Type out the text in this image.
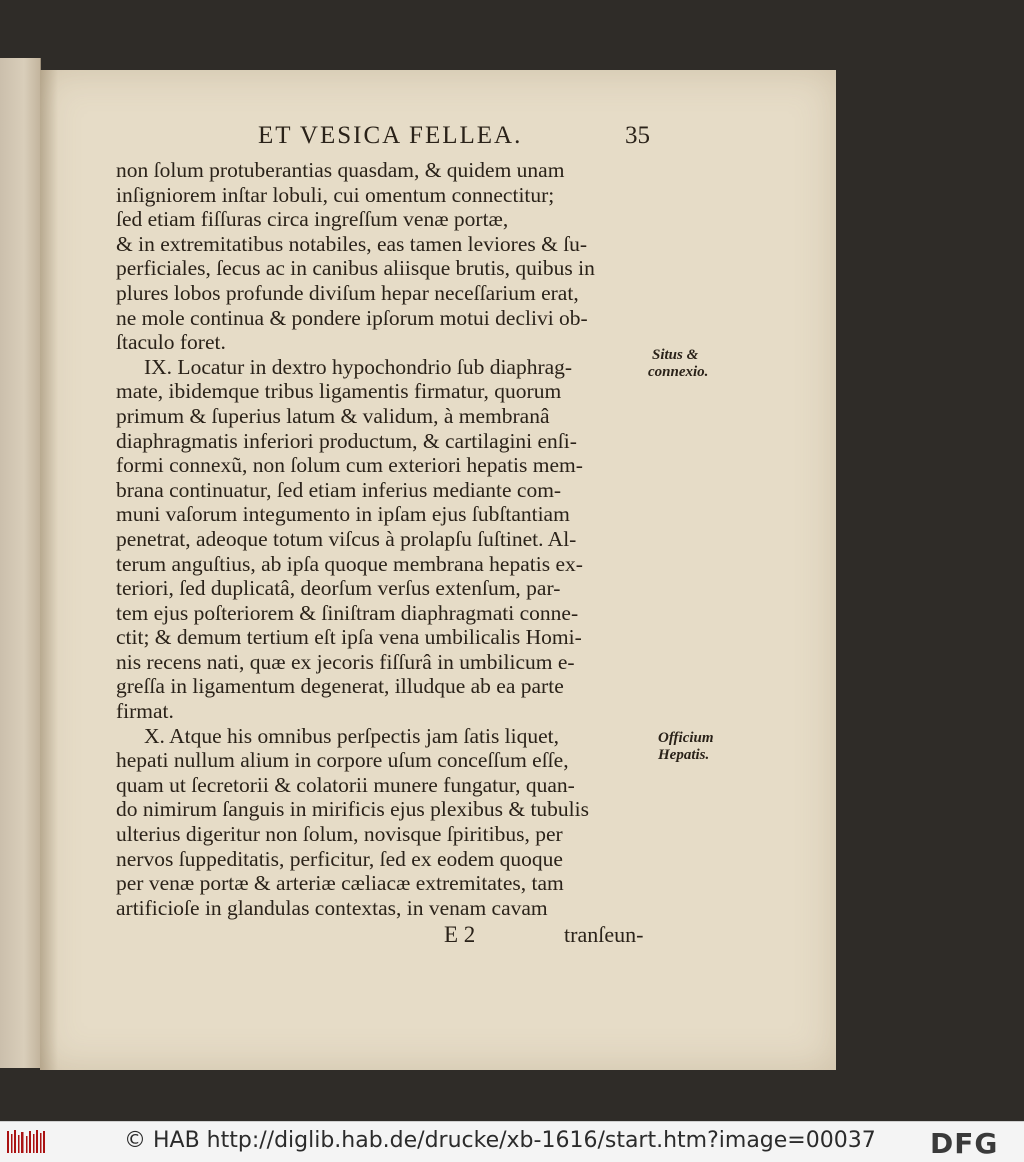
ET VESICA FELLEA.	35
non ſolum protuberantias quasdam, & quidem unam
inſigniorem inſtar lobuli, cui omentum connectitur;
ſed etiam fiſſuras circa ingreſſum venæ portæ,
& in extremitatibus notabiles, eas tamen leviores & ſu-
perficiales, ſecus ac in canibus aliisque brutis, quibus in
plures lobos profunde diviſum hepar neceſſarium erat,
ne mole continua & pondere ipſorum motui declivi ob-
ſtaculo foret.
IX. Locatur in dextro hypochondrio ſub diaphrag-
mate, ibidemque tribus ligamentis firmatur, quorum
primum & ſuperius latum & validum, à membranâ
diaphragmatis inferiori productum, & cartilagini enſi-
formi connexũ, non ſolum cum exteriori hepatis mem-
brana continuatur, ſed etiam inferius mediante com-
muni vaſorum integumento in ipſam ejus ſubſtantiam
penetrat, adeoque totum viſcus à prolapſu ſuſtinet. Al-
terum anguſtius, ab ipſa quoque membrana hepatis ex-
teriori, ſed duplicatâ, deorſum verſus extenſum, par-
tem ejus poſteriorem & ſiniſtram diaphragmati conne-
ctit; & demum tertium eſt ipſa vena umbilicalis Homi-
nis recens nati, quæ ex jecoris fiſſurâ in umbilicum e-
greſſa in ligamentum degenerat, illudque ab ea parte
firmat.
X. Atque his omnibus perſpectis jam ſatis liquet,
hepati nullum alium in corpore uſum conceſſum eſſe,
quam ut ſecretorii & colatorii munere fungatur, quan-
do nimirum ſanguis in mirificis ejus plexibus & tubulis
ulterius digeritur non ſolum, novisque ſpiritibus, per
nervos ſuppeditatis, perficitur, ſed ex eodem quoque
per venæ portæ & arteriæ cæliacæ extremitates, tam
artificioſe in glandulas contextas, in venam cavam
Situs &
connexio.
Officium
Hepatis.
E 2	tranſeun-
© HAB http://diglib.hab.de/drucke/xb-1616/start.htm?image=00037 DFG
